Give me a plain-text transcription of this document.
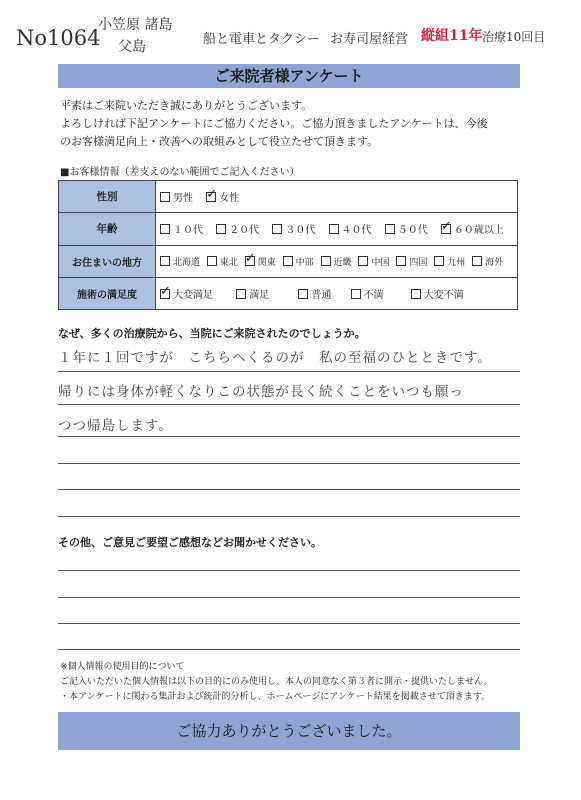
No1064
小笠原 諸島
父島	船と電車とタクシー お寿司屋経営 縦組11年 治療10回目
ご来院者様アンケート
平素はご来院いただき誠にありがとうございます。
よろしければ下記アンケートにご協力ください。ご協力頂きましたアンケートは、今後
のお客様満足向上・改善への取組みとして役立たせて頂きます。
■お客様情報（差支えのない範囲でご記入ください）
性別	男性 ✓ 女性
年齢	１０代 ２０代 ３０代 ４０代 ５０代 ✓ ６０歳以上
お住まいの地方	北海道 東北 ✓ 関東 中部 近畿 中国 四国 九州 海外
施術の満足度	✓大変満足 満足 普通 不満 大変不満
なぜ、多くの治療院から、当院にご来院されたのでしょうか。
１年に１回ですが　こちらへくるのが　私の至福のひとときです。
帰りには身体が軽くなりこの状態が長く続くことをいつも願っ
つつ帰島します。
その他、ご意見ご要望ご感想などお聞かせください。
※個人情報の使用目的について
ご記入いただいた個人情報は以下の目的にのみ使用し、本人の同意なく第３者に開示・提供いたしません。
・本アンケートに関わる集計および統計的分析し、ホームページにアンケート結果を掲載させて頂きます。
ご協力ありがとうございました。
